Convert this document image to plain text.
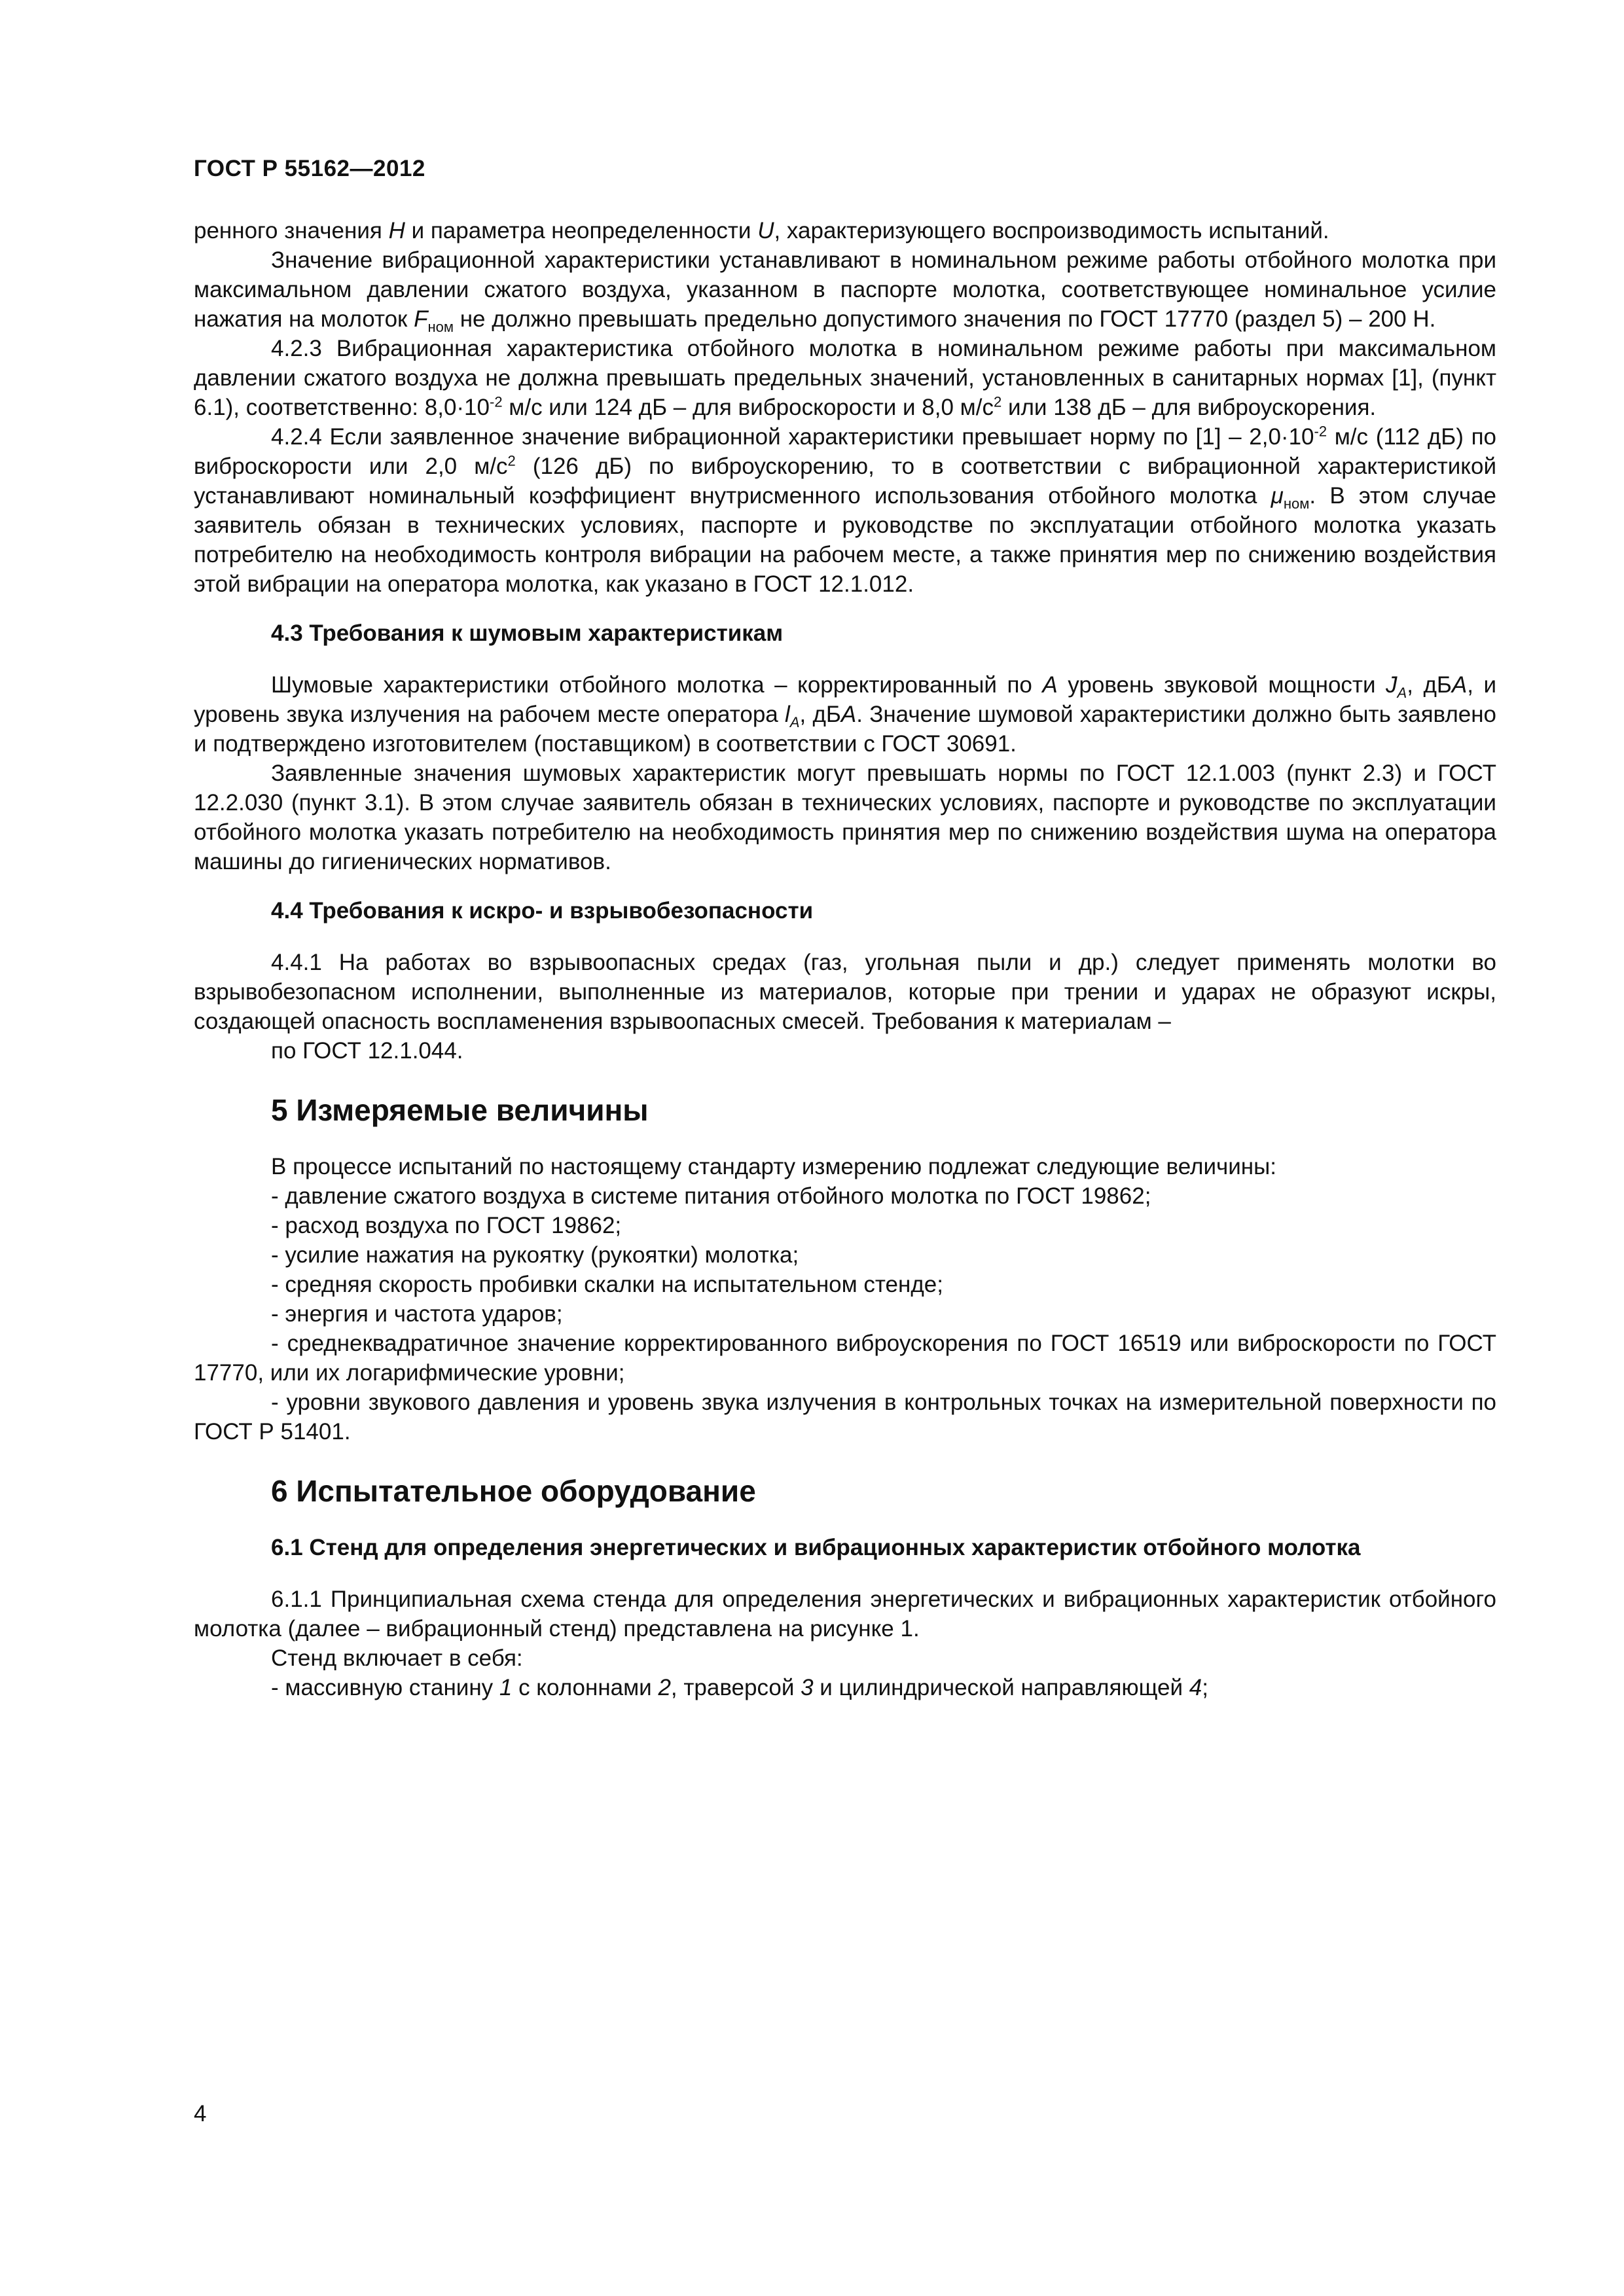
ГОСТ Р 55162—2012

ренного значения H и параметра неопределенности U, характеризующего воспроизводимость испытаний.

Значение вибрационной характеристики устанавливают в номинальном режиме работы отбойного молотка при максимальном давлении сжатого воздуха, указанном в паспорте молотка, соответствующее номинальное усилие нажатия на молоток $F_{ном}$ не должно превышать предельно допустимого значения по ГОСТ 17770 (раздел 5) – 200 Н.

4.2.3 Вибрационная характеристика отбойного молотка в номинальном режиме работы при максимальном давлении сжатого воздуха не должна превышать предельных значений, установленных в санитарных нормах [1], (пункт 6.1), соответственно: $8,0\cdot 10^{-2}$ м/с или 124 дБ – для виброскорости и 8,0 $м/с^2$ или 138 дБ – для виброускорения.

4.2.4 Если заявленное значение вибрационной характеристики превышает норму по $[1] - 2,0\cdot 10^{-2}$ м/с (112 дБ) по виброскорости или 2,0 $м/с^2$ (126 дБ) по виброускорению, то в соответствии с вибрационной характеристикой устанавливают номинальный коэффициент внутрисменного использования отбойного молотка $\mu_{ном}$. В этом случае заявитель обязан в технических условиях, паспорте и руководстве по эксплуатации отбойного молотка указать потребителю на необходимость контроля вибрации на рабочем месте, а также принятия мер по снижению воздействия этой вибрации на оператора молотка, как указано в ГОСТ 12.1.012.

4.3 Требования к шумовым характеристикам

Шумовые характеристики отбойного молотка – корректированный по A уровень звуковой мощности $J_A$, дБA, и уровень звука излучения на рабочем месте оператора $l_A$, дБA. Значение шумовой характеристики должно быть заявлено и подтверждено изготовителем (поставщиком) в соответствии с ГОСТ 30691.

Заявленные значения шумовых характеристик могут превышать нормы по ГОСТ 12.1.003 (пункт 2.3) и ГОСТ 12.2.030 (пункт 3.1). В этом случае заявитель обязан в технических условиях, паспорте и руководстве по эксплуатации отбойного молотка указать потребителю на необходимость принятия мер по снижению воздействия шума на оператора машины до гигиенических нормативов.

4.4 Требования к искро- и взрывобезопасности

4.4.1 На работах во взрывоопасных средах (газ, угольная пыли и др.) следует применять молотки во взрывобезопасном исполнении, выполненные из материалов, которые при трении и ударах не образуют искры, создающей опасность воспламенения взрывоопасных смесей. Требования к материалам –

по ГОСТ 12.1.044.

5 Измеряемые величины

В процессе испытаний по настоящему стандарту измерению подлежат следующие величины:

- давление сжатого воздуха в системе питания отбойного молотка по ГОСТ 19862;

- расход воздуха по ГОСТ 19862;

- усилие нажатия на рукоятку (рукоятки) молотка;

- средняя скорость пробивки скалки на испытательном стенде;

- энергия и частота ударов;

- среднеквадратичное значение корректированного виброускорения по ГОСТ 16519 или виброскорости по ГОСТ 17770, или их логарифмические уровни;

- уровни звукового давления и уровень звука излучения в контрольных точках на измерительной поверхности по ГОСТ Р 51401.

6 Испытательное оборудование
6.1 Стенд для определения энергетических и вибрационных характеристик отбойного молотка

6.1.1 Принципиальная схема стенда для определения энергетических и вибрационных характеристик отбойного молотка (далее – вибрационный стенд) представлена на рисунке 1.

Стенд включает в себя:

- массивную станину 1 с колоннами 2, траверсой 3 и цилиндрической направляющей 4;

4
